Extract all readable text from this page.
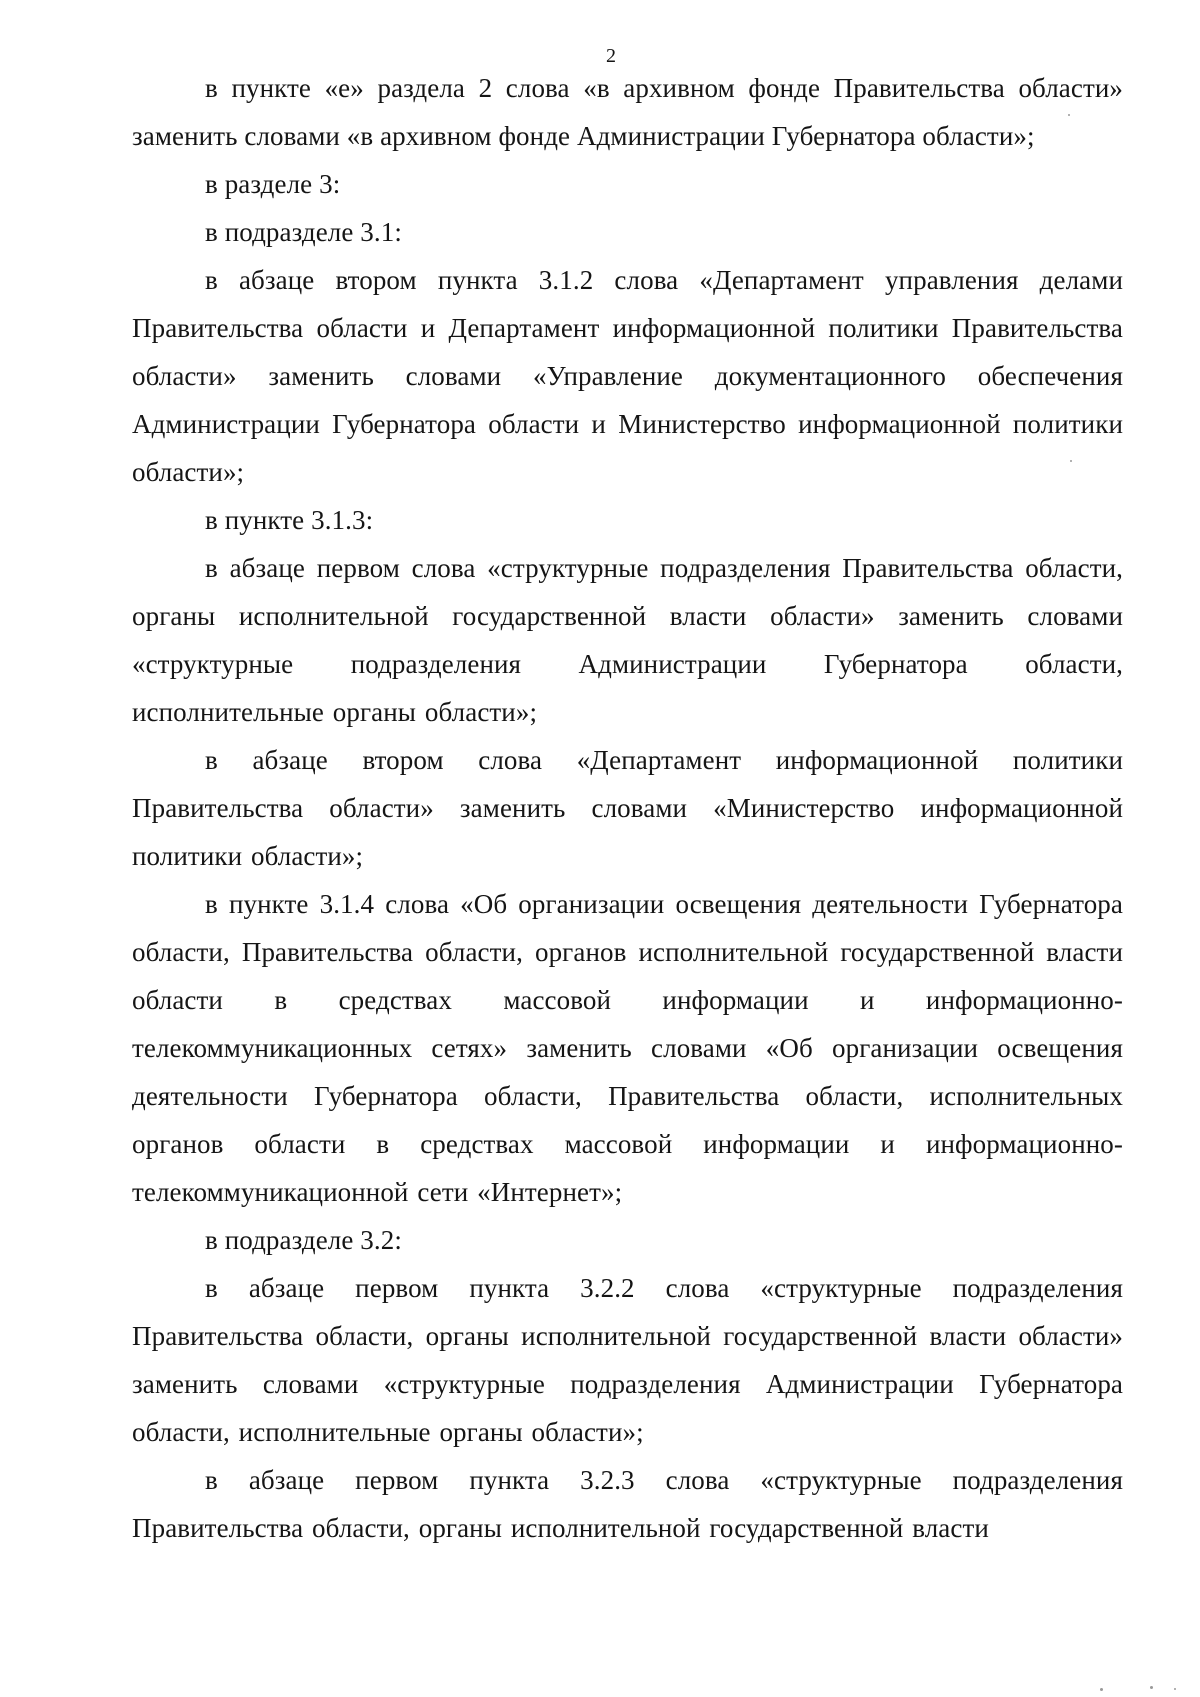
2

в пункте «е» раздела 2 слова «в архивном фонде Правительства области» заменить словами «в архивном фонде Администрации Губернатора области»;

в разделе 3:

в подразделе 3.1:

в абзаце втором пункта 3.1.2 слова «Департамент управления делами Правительства области и Департамент информационной политики Правительства области» заменить словами «Управление документационного обеспечения Администрации Губернатора области и Министерство информационной политики области»;

в пункте 3.1.3:

в абзаце первом слова «структурные подразделения Правительства области, органы исполнительной государственной власти области» заменить словами «структурные подразделения Администрации Губернатора области, исполнительные органы области»;

в абзаце втором слова «Департамент информационной политики Правительства области» заменить словами «Министерство информационной политики области»;

в пункте 3.1.4 слова «Об организации освещения деятельности Губернатора области, Правительства области, органов исполнительной государственной власти области в средствах массовой информации и информационно-телекоммуникационных сетях» заменить словами «Об организации освещения деятельности Губернатора области, Правительства области, исполнительных органов области в средствах массовой информации и информационно-телекоммуникационной сети «Интернет»;

в подразделе 3.2:

в абзаце первом пункта 3.2.2 слова «структурные подразделения Правительства области, органы исполнительной государственной власти области» заменить словами «структурные подразделения Администрации Губернатора области, исполнительные органы области»;

в абзаце первом пункта 3.2.3 слова «структурные подразделения Правительства области, органы исполнительной государственной власти
